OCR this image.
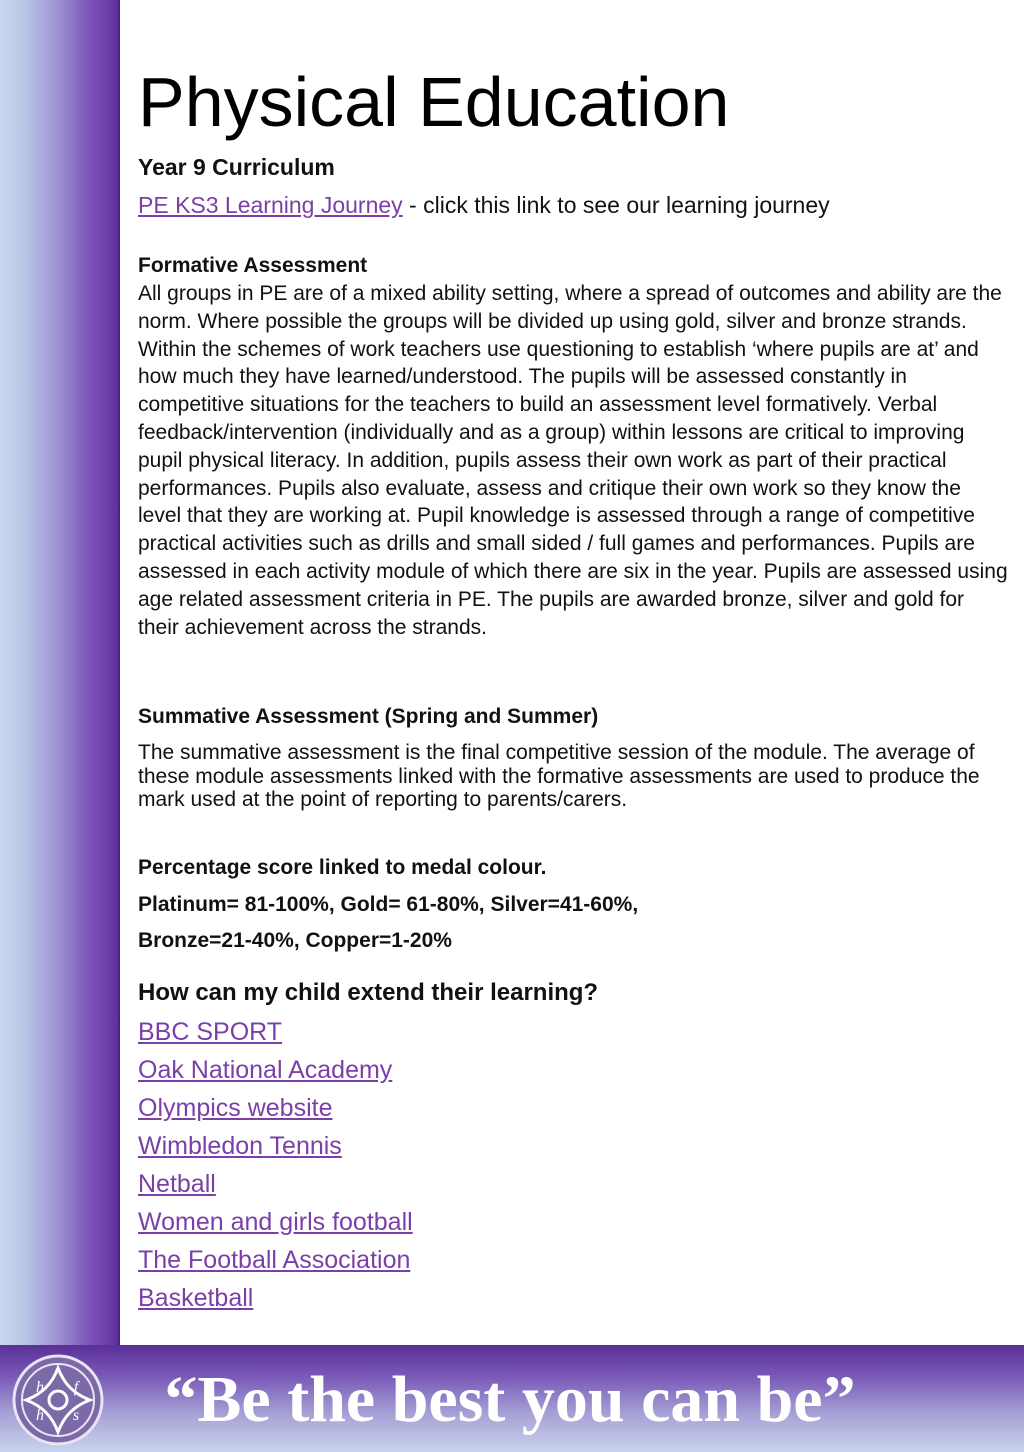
Physical Education
Year 9 Curriculum
PE KS3 Learning Journey - click this link to see our learning journey
Formative Assessment
All groups in PE are of a mixed ability setting, where a spread of outcomes and ability are the norm. Where possible the groups will be divided up using gold, silver and bronze strands. Within the schemes of work teachers use questioning to establish ‘where pupils are at’ and how much they have learned/understood. The pupils will be assessed constantly in competitive situations for the teachers to build an assessment level formatively. Verbal feedback/intervention (individually and as a group) within lessons are critical to improving pupil physical literacy. In addition, pupils assess their own work as part of their practical performances. Pupils also evaluate, assess and critique their own work so they know the level that they are working at. Pupil knowledge is assessed through a range of competitive practical activities such as drills and small sided / full games and performances. Pupils are assessed in each activity module of which there are six in the year. Pupils are assessed using age related assessment criteria in PE. The pupils are awarded bronze, silver and gold for their achievement across the strands.
Summative Assessment (Spring and Summer)
The summative assessment is the final competitive session of the module. The average of these module assessments linked with the formative assessments are used to produce the mark used at the point of reporting to parents/carers.
Percentage score linked to medal colour.
Platinum= 81-100%, Gold= 61-80%, Silver=41-60%,
Bronze=21-40%, Copper=1-20%
How can my child extend their learning?
BBC SPORT
Oak National Academy
Olympics website
Wimbledon Tennis
Netball
Women and girls football
The Football Association
Basketball
h f
h s	“Be the best you can be”
